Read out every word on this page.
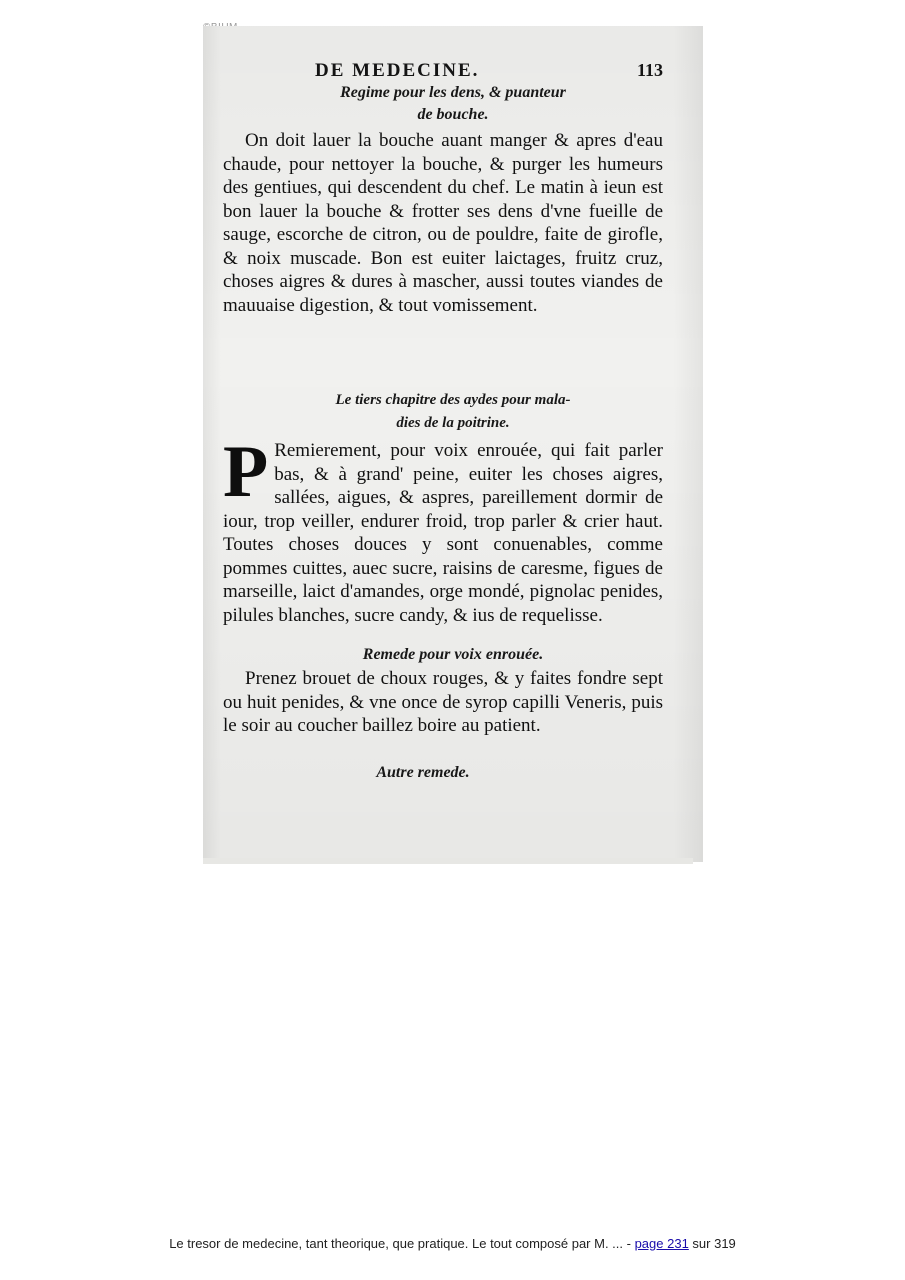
DE MEDECINE.	113
Regime pour les dens, & puanteur
de bouche.
On doit lauer la bouche auant manger & apres d'eau chaude, pour nettoyer la bouche, & purger les humeurs des gentiues, qui descendent du chef. Le matin à ieun est bon lauer la bouche & frotter ses dens d'vne fueille de sauge, escorche de citron, ou de pouldre, faite de girofle, & noix muscade. Bon est euiter laictages, fruitz cruz, choses aigres & dures à mascher, aussi toutes viandes de mauuaise digestion, & tout vomissement.
Le tiers chapitre des aydes pour mala-
dies de la poitrine.
P Remierement, pour voix enrouée, qui fait parler bas, & à grand' peine, euiter les choses aigres, sallées, aigues, & aspres, pareillement dormir de iour, trop veiller, endurer froid, trop parler & crier haut. Toutes choses douces y sont conuenables, comme pommes cuittes, auec sucre, raisins de caresme, figues de marseille, laict d'amandes, orge mondé, pignolac penides, pilules blanches, sucre candy, & ius de requelisse.
Remede pour voix enrouée.
Prenez brouet de choux rouges, & y faites fondre sept ou huit penides, & vne once de syrop capilli Veneris, puis le soir au coucher baillez boire au patient.
Autre remede.
Le tresor de medecine, tant theorique, que pratique. Le tout composé par M. ... - page 231 sur 319
